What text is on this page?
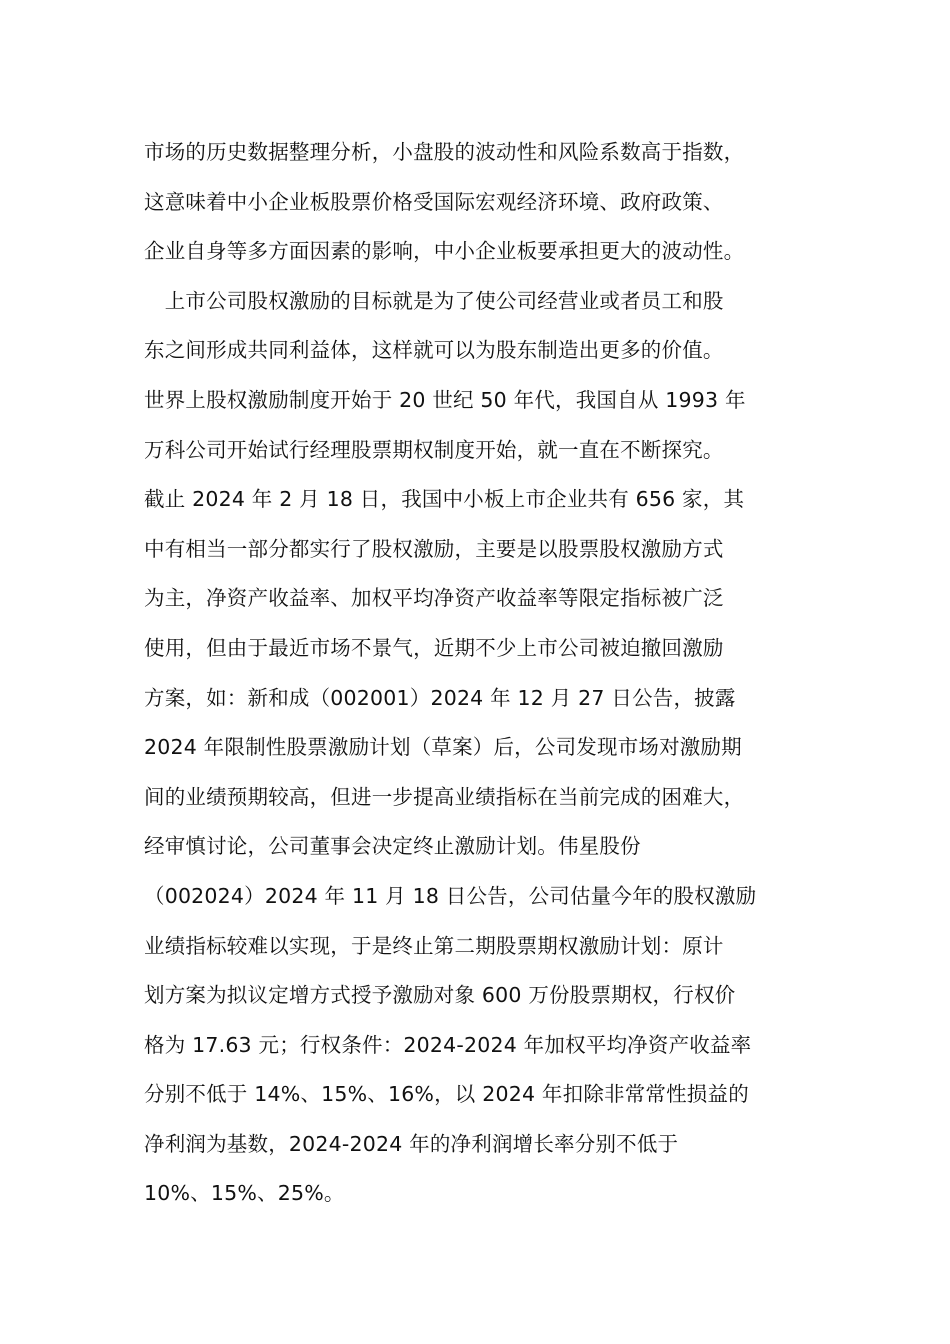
市场的历史数据整理分析，小盘股的波动性和风险系数高于指数，
这意味着中小企业板股票价格受国际宏观经济环境、政府政策、
企业自身等多方面因素的影响，中小企业板要承担更大的波动性。
　上市公司股权激励的目标就是为了使公司经营业或者员工和股
东之间形成共同利益体，这样就可以为股东制造出更多的价值。
世界上股权激励制度开始于 20 世纪 50 年代，我国自从 1993 年
万科公司开始试行经理股票期权制度开始，就一直在不断探究。
截止 2024 年 2 月 18 日，我国中小板上市企业共有 656 家，其
中有相当一部分都实行了股权激励，主要是以股票股权激励方式
为主，净资产收益率、加权平均净资产收益率等限定指标被广泛
使用，但由于最近市场不景气，近期不少上市公司被迫撤回激励
方案，如：新和成（002001）2024 年 12 月 27 日公告，披露
2024 年限制性股票激励计划（草案）后，公司发现市场对激励期
间的业绩预期较高，但进一步提高业绩指标在当前完成的困难大，
经审慎讨论，公司董事会决定终止激励计划。伟星股份
（002024）2024 年 11 月 18 日公告，公司估量今年的股权激励
业绩指标较难以实现，于是终止第二期股票期权激励计划：原计
划方案为拟议定增方式授予激励对象 600 万份股票期权，行权价
格为 17.63 元；行权条件：2024-2024 年加权平均净资产收益率
分别不低于 14%、15%、16%，以 2024 年扣除非常常性损益的
净利润为基数，2024-2024 年的净利润增长率分别不低于
10%、15%、25%。
